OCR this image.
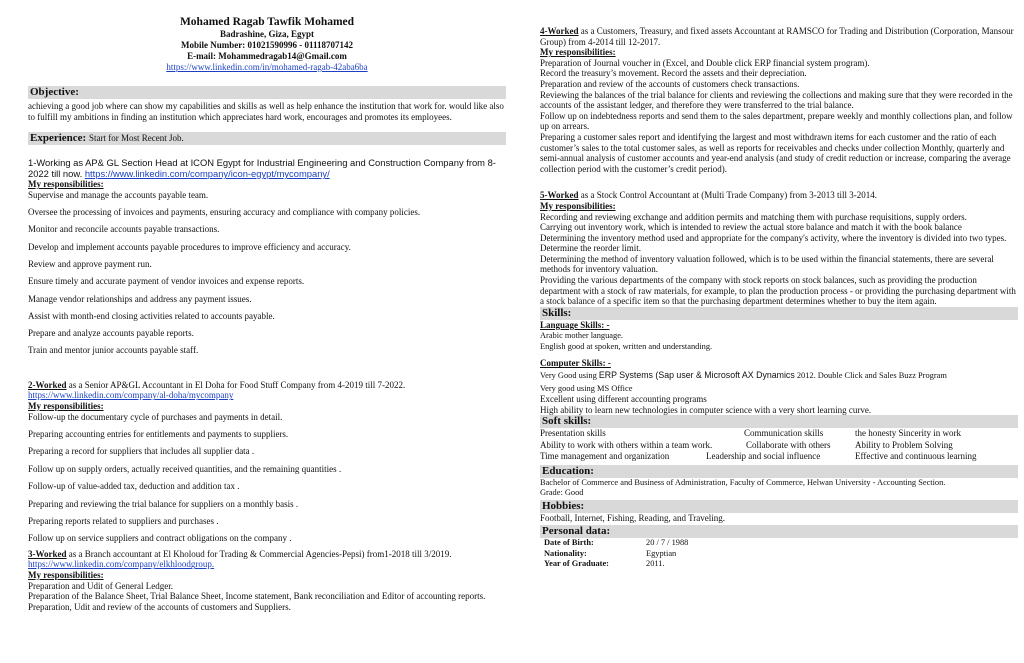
Mohamed Ragab Tawfik Mohamed
Badrashine, Giza, Egypt
Mobile Number: 01021590996 - 01118707142
E-mail: Mohammedragab14@Gmail.com
https://www.linkedin.com/in/mohamed-ragab-42aba6ba
Objective:
achieving a good job where can show my capabilities and skills as well as help enhance the institution that work for. would like also to fulfill my ambitions in finding an institution which appreciates hard work, encourages and promotes its employees.
Experience: Start for Most Recent Job.
1-Working as AP& GL Section Head at ICON Egypt for Industrial Engineering and Construction Company from 8-2022 till now. https://www.linkedin.com/company/icon-egypt/mycompany/
My responsibilities:
Supervise and manage the accounts payable team.
Oversee the processing of invoices and payments, ensuring accuracy and compliance with company policies.
Monitor and reconcile accounts payable transactions.
Develop and implement accounts payable procedures to improve efficiency and accuracy.
Review and approve payment run.
Ensure timely and accurate payment of vendor invoices and expense reports.
Manage vendor relationships and address any payment issues.
Assist with month-end closing activities related to accounts payable.
Prepare and analyze accounts payable reports.
Train and mentor junior accounts payable staff.
2-Worked as a Senior AP&GL Accountant in El Doha for Food Stuff Company from 4-2019 till 7-2022.
https://www.linkedin.com/company/al-doha/mycompany
My responsibilities:
Follow-up the documentary cycle of purchases and payments in detail.
Preparing accounting entries for entitlements and payments to suppliers.
Preparing a record for suppliers that includes all supplier data .
Follow up on supply orders, actually received quantities, and the remaining quantities .
Follow-up of value-added tax, deduction and addition tax .
Preparing and reviewing the trial balance for suppliers on a monthly basis .
Preparing reports related to suppliers and purchases .
Follow up on service suppliers and contract obligations on the company .
3-Worked as a Branch accountant at El Kholoud for Trading & Commercial Agencies-Pepsi) from1-2018 till 3/2019.
https://www.linkedin.com/company/elkhloodgroup.
My responsibilities:
Preparation and Udit of General Ledger.
Preparation of the Balance Sheet, Trial Balance Sheet, Income statement, Bank reconciliation and Editor of accounting reports.
Preparation, Udit and review of the accounts of customers and Suppliers.
4-Worked as a Customers, Treasury, and fixed assets Accountant at RAMSCO for Trading and Distribution (Corporation, Mansour Group) from 4-2014 till 12-2017.
My responsibilities:
Preparation of Journal voucher in (Excel, and Double click ERP financial system program).
Record the treasury’s movement. Record the assets and their depreciation.
Preparation and review of the accounts of customers check transactions.
Reviewing the balances of the trial balance for clients and reviewing the collections and making sure that they were recorded in the accounts of the assistant ledger, and therefore they were transferred to the trial balance.
Follow up on indebtedness reports and send them to the sales department, prepare weekly and monthly collections plan, and follow up on arrears.
Preparing a customer sales report and identifying the largest and most withdrawn items for each customer and the ratio of each customer’s sales to the total customer sales, as well as reports for receivables and checks under collection Monthly, quarterly and semi-annual analysis of customer accounts and year-end analysis (and study of credit reduction or increase, comparing the average collection period with the customer’s credit period).
5-Worked as a Stock Control Accountant at (Multi Trade Company) from 3-2013 till 3-2014.
My responsibilities:
Recording and reviewing exchange and addition permits and matching them with purchase requisitions, supply orders.
Carrying out inventory work, which is intended to review the actual store balance and match it with the book balance
Determining the inventory method used and appropriate for the company's activity, where the inventory is divided into two types.
Determine the reorder limit.
Determining the method of inventory valuation followed, which is to be used within the financial statements, there are several methods for inventory valuation.
Providing the various departments of the company with stock reports on stock balances, such as providing the production department with a stock of raw materials, for example, to plan the production process - or providing the purchasing department with a stock balance of a specific item so that the purchasing department determines whether to buy the item again.
Skills:
Language Skills: -
Arabic mother language.
English good at spoken, written and understanding.
Computer Skills: -
Very Good using ERP Systems (Sap user & Microsoft AX Dynamics 2012. Double Click and Sales Buzz Program
Very good using MS Office
Excellent using different accounting programs
High ability to learn new technologies in computer science with a very short learning curve.
Soft skills:
Presentation skills	Communication skills	the honesty Sincerity in work
Ability to work with others within a team work.	Collaborate with others	Ability to Problem Solving
Time management and organization	Leadership and social influence	Effective and continuous learning
Education:
Bachelor of Commerce and Business of Administration, Faculty of Commerce, Helwan University - Accounting Section.
Grade: Good
Hobbies:
Football, Internet, Fishing, Reading, and Traveling.
Personal data:
Date of Birth:	20 / 7 / 1988
Nationality:	Egyptian
Year of Graduate:	2011.
